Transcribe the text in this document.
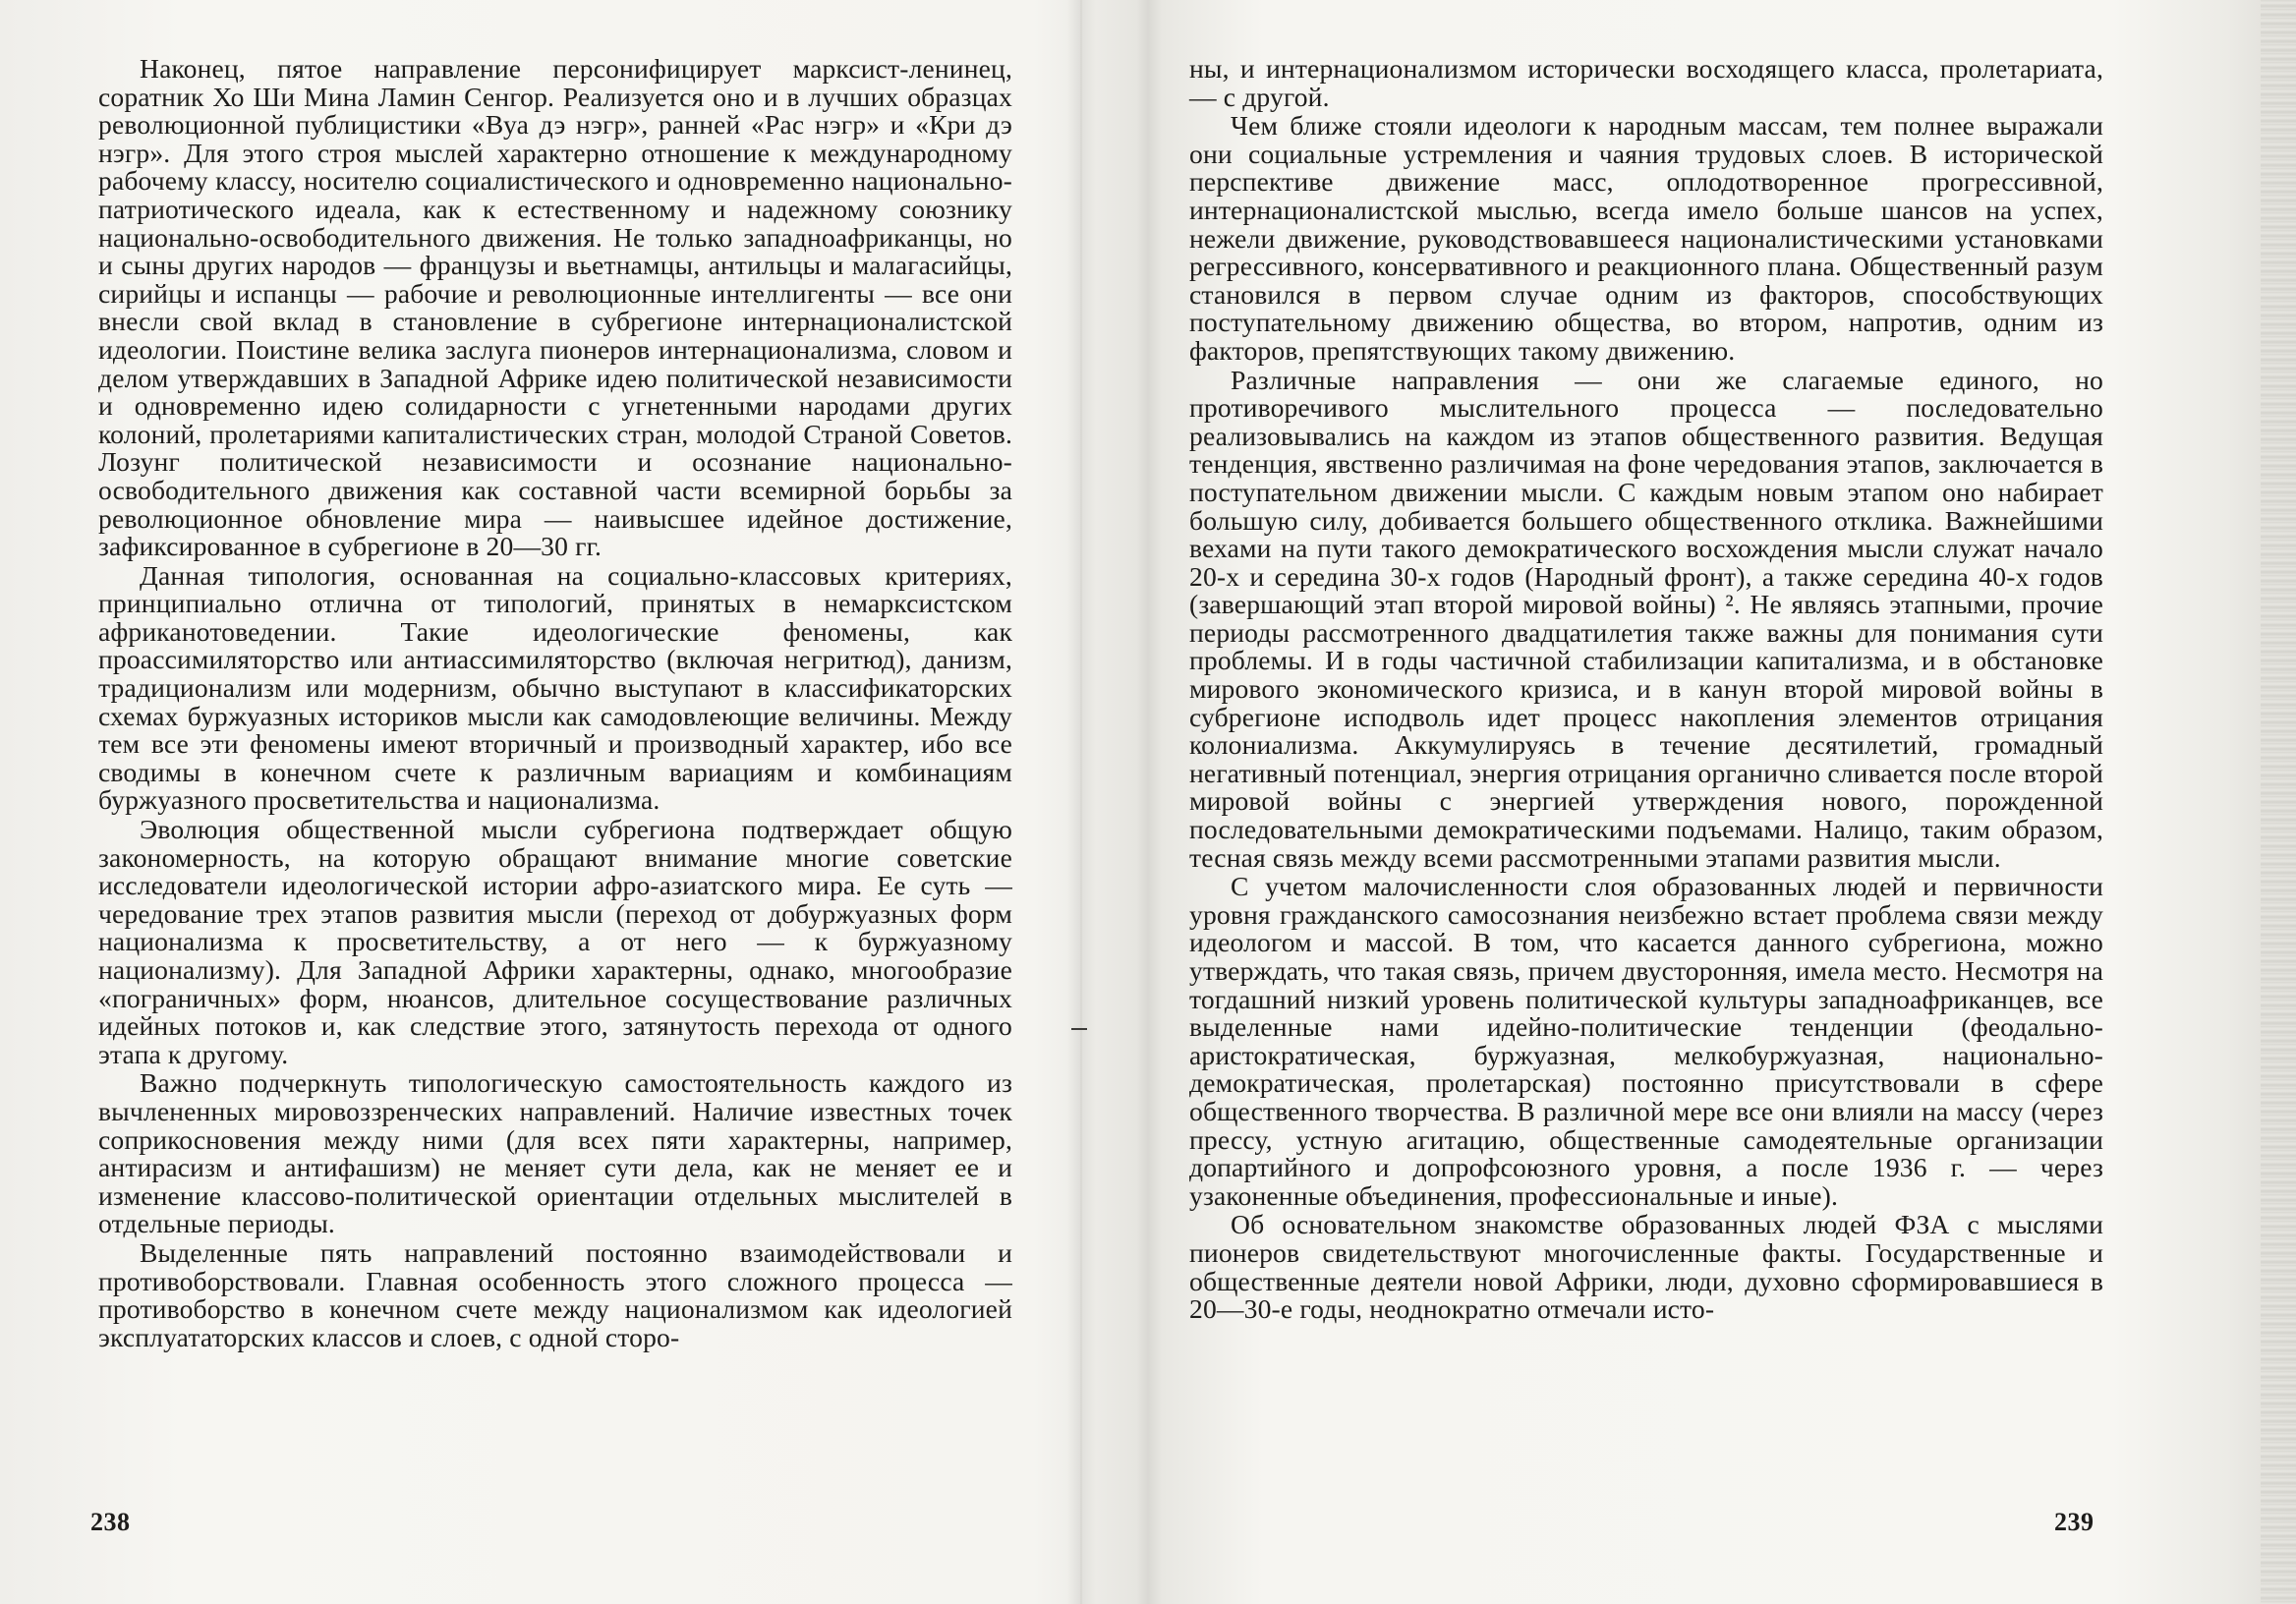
Наконец, пятое направление персонифицирует марксист-ленинец, соратник Хо Ши Мина Ламин Сенгор. Реализуется оно и в лучших образцах революционной публицистики «Вуа дэ нэгр», ранней «Рас нэгр» и «Кри дэ нэгр». Для этого строя мыслей характерно отношение к международному рабочему классу, носителю социалистического и одновременно национально-патриотического идеала, как к естественному и надежному союзнику национально-освободительного движения. Не только западноафриканцы, но и сыны других народов — французы и вьетнамцы, антильцы и малагасийцы, сирийцы и испанцы — рабочие и революционные интеллигенты — все они внесли свой вклад в становление в субрегионе интернационалистской идеологии. Поистине велика заслуга пионеров интернационализма, словом и делом утверждавших в Западной Африке идею политической независимости и одновременно идею солидарности с угнетенными народами других колоний, пролетариями капиталистических стран, молодой Страной Советов. Лозунг политической независимости и осознание национально-освободительного движения как составной части всемирной борьбы за революционное обновление мира — наивысшее идейное достижение, зафиксированное в субрегионе в 20—30 гг.

Данная типология, основанная на социально-классовых критериях, принципиально отлична от типологий, принятых в немарксистском африканотоведении. Такие идеологические феномены, как проассимиляторство или антиассимиляторство (включая негритюд), данизм, традиционализм или модернизм, обычно выступают в классификаторских схемах буржуазных историков мысли как самодовлеющие величины. Между тем все эти феномены имеют вторичный и производный характер, ибо все сводимы в конечном счете к различным вариациям и комбинациям буржуазного просветительства и национализма.

Эволюция общественной мысли субрегиона подтверждает общую закономерность, на которую обращают внимание многие советские исследователи идеологической истории афро-азиатского мира. Ее суть — чередование трех этапов развития мысли (переход от добуржуазных форм национализма к просветительству, а от него — к буржуазному национализму). Для Западной Африки характерны, однако, многообразие «пограничных» форм, нюансов, длительное сосуществование различных идейных потоков и, как следствие этого, затянутость перехода от одного этапа к другому.

Важно подчеркнуть типологическую самостоятельность каждого из вычлененных мировоззренческих направлений. Наличие известных точек соприкосновения между ними (для всех пяти характерны, например, антирасизм и антифашизм) не меняет сути дела, как не меняет ее и изменение классово-политической ориентации отдельных мыслителей в отдельные периоды.

Выделенные пять направлений постоянно взаимодействовали и противоборствовали. Главная особенность этого сложного процесса — противоборство в конечном счете между национализмом как идеологией эксплуататорских классов и слоев, с одной сторо-

ны, и интернационализмом исторически восходящего класса, пролетариата, — с другой.

Чем ближе стояли идеологи к народным массам, тем полнее выражали они социальные устремления и чаяния трудовых слоев. В исторической перспективе движение масс, оплодотворенное прогрессивной, интернационалистской мыслью, всегда имело больше шансов на успех, нежели движение, руководствовавшееся националистическими установками регрессивного, консервативного и реакционного плана. Общественный разум становился в первом случае одним из факторов, способствующих поступательному движению общества, во втором, напротив, одним из факторов, препятствующих такому движению.

Различные направления — они же слагаемые единого, но противоречивого мыслительного процесса — последовательно реализовывались на каждом из этапов общественного развития. Ведущая тенденция, явственно различимая на фоне чередования этапов, заключается в поступательном движении мысли. С каждым новым этапом оно набирает большую силу, добивается большего общественного отклика. Важнейшими вехами на пути такого демократического восхождения мысли служат начало 20-х и середина 30-х годов (Народный фронт), а также середина 40-х годов (завершающий этап второй мировой войны) ². Не являясь этапными, прочие периоды рассмотренного двадцатилетия также важны для понимания сути проблемы. И в годы частичной стабилизации капитализма, и в обстановке мирового экономического кризиса, и в канун второй мировой войны в субрегионе исподволь идет процесс накопления элементов отрицания колониализма. Аккумулируясь в течение десятилетий, громадный негативный потенциал, энергия отрицания органично сливается после второй мировой войны с энергией утверждения нового, порожденной последовательными демократическими подъемами. Налицо, таким образом, тесная связь между всеми рассмотренными этапами развития мысли.

С учетом малочисленности слоя образованных людей и первичности уровня гражданского самосознания неизбежно встает проблема связи между идеологом и массой. В том, что касается данного субрегиона, можно утверждать, что такая связь, причем двусторонняя, имела место. Несмотря на тогдашний низкий уровень политической культуры западноафриканцев, все выделенные нами идейно-политические тенденции (феодально-аристократическая, буржуазная, мелкобуржуазная, национально-демократическая, пролетарская) постоянно присутствовали в сфере общественного творчества. В различной мере все они влияли на массу (через прессу, устную агитацию, общественные самодеятельные организации допартийного и допрофсоюзного уровня, а после 1936 г. — через узаконенные объединения, профессиональные и иные).

Об основательном знакомстве образованных людей ФЗА с мыслями пионеров свидетельствуют многочисленные факты. Государственные и общественные деятели новой Африки, люди, духовно сформировавшиеся в 20—30-е годы, неоднократно отмечали исто-

238	239
